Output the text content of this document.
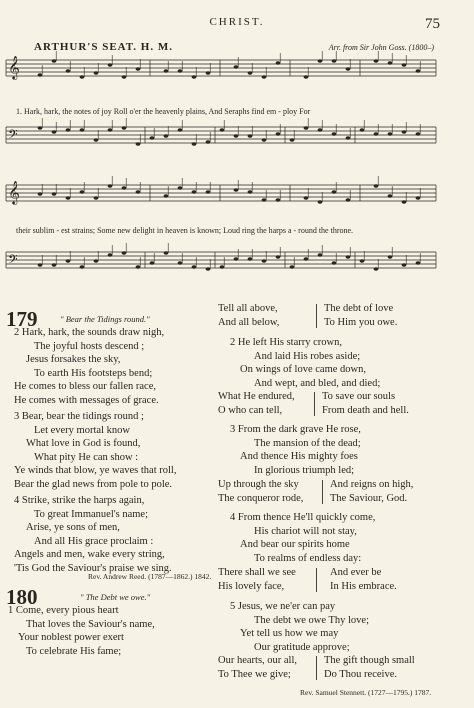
CHRIST.	75
ARTHUR'S SEAT. H. M.	Arr. from Sir John Goss. (1800–)
𝄞
𝄢
𝄞
𝄢
1. Hark, hark, the notes of joy Roll o'er the heavenly plains, And Seraphs find em - ploy For
their sublim - est strains; Some new delight in heaven is known; Loud ring the harps a - round the throne.
179	" Bear the Tidings round."
2 Hark, hark, the sounds draw nigh,
The joyful hosts descend ;
Jesus forsakes the sky,
To earth His footsteps bend;
He comes to bless our fallen race,
He comes with messages of grace.
3 Bear, bear the tidings round ;
Let every mortal know
What love in God is found,
What pity He can show :
Ye winds that blow, ye waves that roll,
Bear the glad news from pole to pole.
4 Strike, strike the harps again,
To great Immanuel's name;
Arise, ye sons of men,
And all His grace proclaim :
Angels and men, wake every string,
'Tis God the Saviour's praise we sing.
Rev. Andrew Reed. (1787—1862.) 1842.
180	" The Debt we owe."
1 Come, every pious heart
That loves the Saviour's name,
Your noblest power exert
To celebrate His fame;
Tell all above,
And all below,
The debt of love
To Him you owe.
2 He left His starry crown,
And laid His robes aside;
On wings of love came down,
And wept, and bled, and died;
What He endured,
O who can tell,
To save our souls
From death and hell.
3 From the dark grave He rose,
The mansion of the dead;
And thence His mighty foes
In glorious triumph led;
Up through the sky
The conqueror rode,
And reigns on high,
The Saviour, God.
4 From thence He'll quickly come,
His chariot will not stay,
And bear our spirits home
To realms of endless day:
There shall we see
His lovely face,
And ever be
In His embrace.
5 Jesus, we ne'er can pay
The debt we owe Thy love;
Yet tell us how we may
Our gratitude approve;
Our hearts, our all,
To Thee we give;
The gift though small
Do Thou receive.
Rev. Samuel Stennett. (1727—1795.) 1787.
